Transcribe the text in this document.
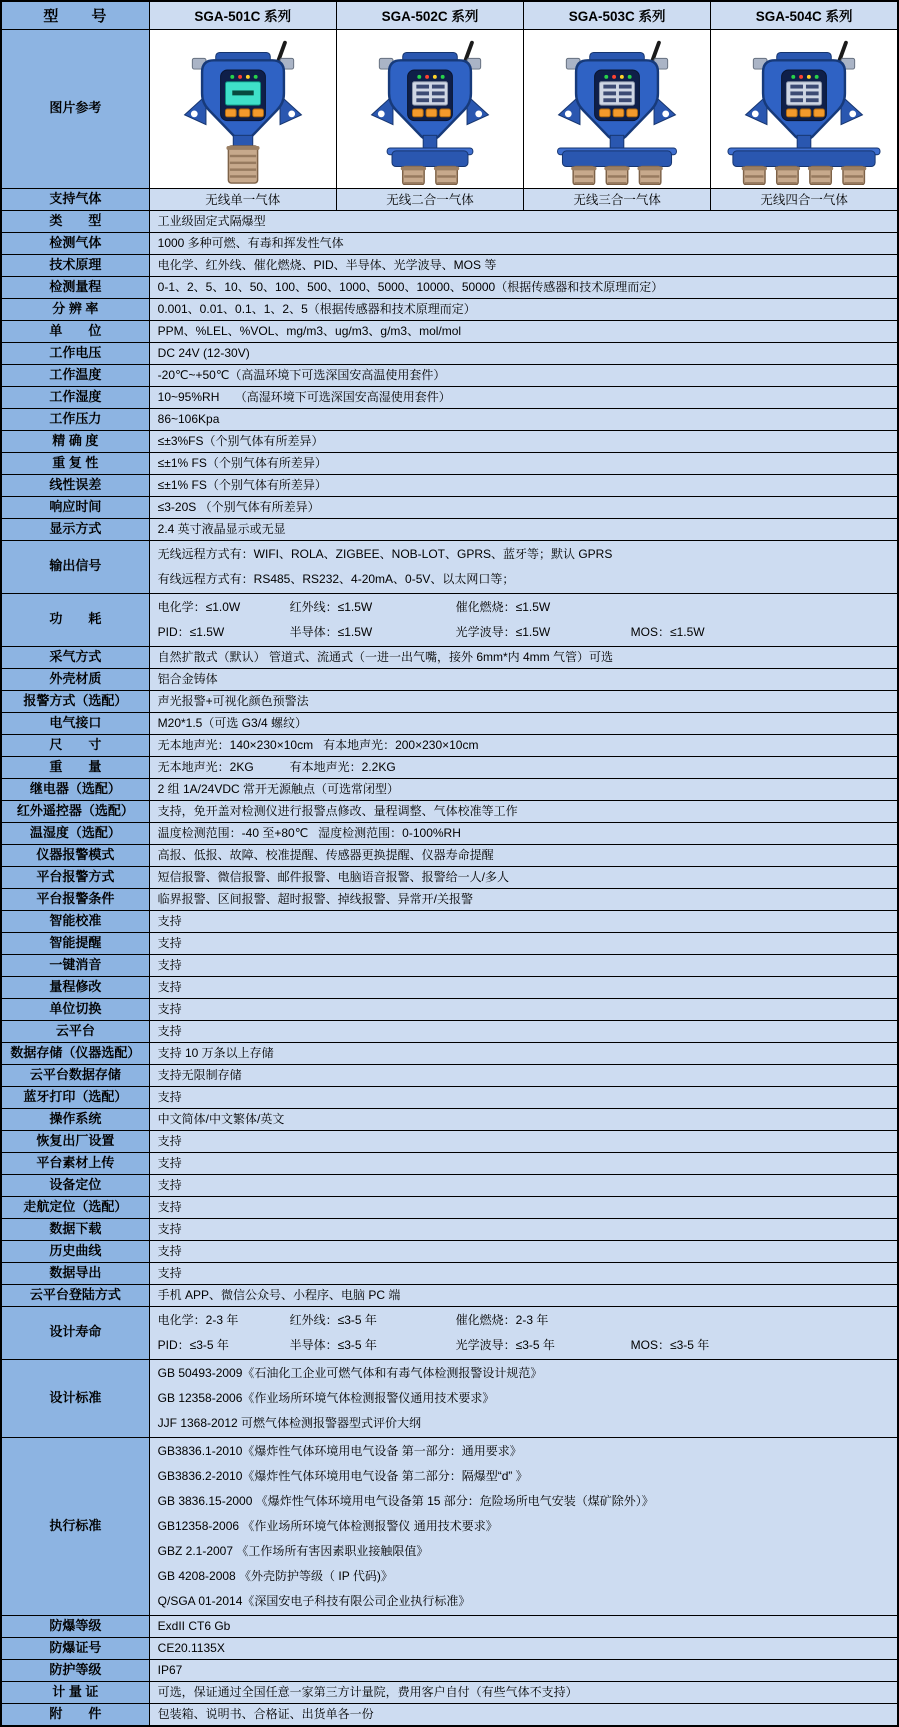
型　　号	SGA-501C 系列	SGA-502C 系列	SGA-503C 系列	SGA-504C 系列
图片参考	

支持气体	无线单一气体	无线二合一气体	无线三合一气体	无线四合一气体
类　　型	工业级固定式隔爆型			

检测气体	1000 多种可燃、有毒和挥发性气体			

技术原理	电化学、红外线、催化燃烧、PID、半导体、光学波导、MOS 等			

检测量程	0-1、2、5、10、50、100、500、1000、5000、10000、50000（根据传感器和技术原理而定）			

分 辨 率	0.001、0.01、0.1、1、2、5（根据传感器和技术原理而定）			

单　　位	PPM、%LEL、%VOL、mg/m3、ug/m3、g/m3、mol/mol			

工作电压	DC 24V (12-30V)			

工作温度	-20℃~+50℃（高温环境下可选深国安高温使用套件）			

工作湿度	10~95%RH　 （高湿环境下可选深国安高湿使用套件）			

工作压力	86~106Kpa			

精 确 度	≤±3%FS（个别气体有所差异）			

重 复 性	≤±1% FS（个别气体有所差异）			

线性误差	≤±1% FS（个别气体有所差异）			

响应时间	≤3-20S （个别气体有所差异）			

显示方式	2.4 英寸液晶显示或无显			

输出信号	无线远程方式有：WIFI、ROLA、ZIGBEE、NOB-LOT、GPRS、蓝牙等；默认 GPRS
有线远程方式有：RS485、RS232、4-20mA、0-5V、以太网口等；			

功　　耗	电化学：≤1.0W 红外线：≤1.5W 催化燃烧：≤1.5W
PID：≤1.5W 半导体：≤1.5W 光学波导：≤1.5W MOS：≤1.5W			

采气方式	自然扩散式（默认） 管道式、流通式（一进一出气嘴，接外 6mm*内 4mm 气管）可选			

外壳材质	铝合金铸体			

报警方式（选配）	声光报警+可视化颜色预警法			

电气接口	M20*1.5（可选 G3/4 螺纹）			

尺　　寸	无本地声光：140×230×10cm 有本地声光：200×230×10cm			

重　　量	无本地声光：2KG 有本地声光：2.2KG			

继电器（选配）	2 组 1A/24VDC 常开无源触点（可选常闭型）			

红外遥控器（选配）	支持，免开盖对检测仪进行报警点修改、量程调整、气体校准等工作			

温湿度（选配）	温度检测范围：-40 至+80℃ 湿度检测范围：0-100%RH			

仪器报警模式	高报、低报、故障、校准提醒、传感器更换提醒、仪器寿命提醒			

平台报警方式	短信报警、微信报警、邮件报警、电脑语音报警、报警给一人/多人			

平台报警条件	临界报警、区间报警、超时报警、掉线报警、异常开/关报警			

智能校准	支持			

智能提醒	支持			

一键消音	支持			

量程修改	支持			

单位切换	支持			

云平台	支持			

数据存储（仪器选配）	支持 10 万条以上存储			

云平台数据存储	支持无限制存储			

蓝牙打印（选配）	支持			

操作系统	中文简体/中文繁体/英文			

恢复出厂设置	支持			

平台素材上传	支持			

设备定位	支持			

走航定位（选配）	支持			

数据下载	支持			

历史曲线	支持			

数据导出	支持			

云平台登陆方式	手机 APP、微信公众号、小程序、电脑 PC 端			

设计寿命	电化学：2-3 年 红外线：≤3-5 年 催化燃烧：2-3 年
PID：≤3-5 年 半导体：≤3-5 年 光学波导：≤3-5 年 MOS：≤3-5 年			

设计标准	GB 50493-2009《石油化工企业可燃气体和有毒气体检测报警设计规范》
GB 12358-2006《作业场所环境气体检测报警仪通用技术要求》
JJF 1368-2012 可燃气体检测报警器型式评价大纲			

执行标准	
GB3836.1-2010《爆炸性气体环境用电气设备 第一部分：通用要求》
GB3836.2-2010《爆炸性气体环境用电气设备 第二部分：隔爆型“d” 》
GB 3836.15-2000 《爆炸性气体环境用电气设备第 15 部分：危险场所电气安装（煤矿除外）》
GB12358-2006 《作业场所环境气体检测报警仪 通用技术要求》
GBZ 2.1-2007 《工作场所有害因素职业接触限值》
GB 4208-2008 《外壳防护等级（ IP 代码)》
Q/SGA 01-2014《深国安电子科技有限公司企业执行标准》

防爆等级	ExdII CT6 Gb			

防爆证号	CE20.1135X			

防护等级	IP67			

计 量 证	可选，保证通过全国任意一家第三方计量院，费用客户自付（有些气体不支持）			

附　　件	包装箱、说明书、合格证、出货单各一份			
